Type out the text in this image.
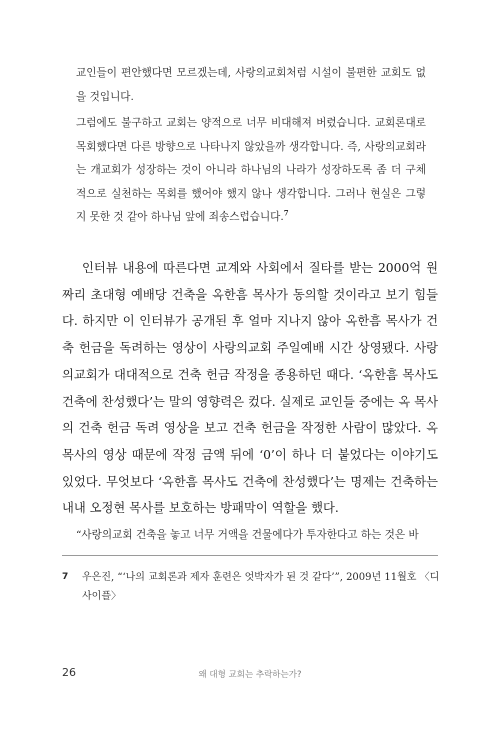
교인들이 편안했다면 모르겠는데, 사랑의교회처럼 시설이 불편한 교회도 없을 것입니다.

그럼에도 불구하고 교회는 양적으로 너무 비대해져 버렸습니다. 교회론대로 목회했다면 다른 방향으로 나타나지 않았을까 생각합니다. 즉, 사랑의교회라는 개교회가 성장하는 것이 아니라 하나님의 나라가 성장하도록 좀 더 구체적으로 실천하는 목회를 했어야 했지 않나 생각합니다. 그러나 현실은 그렇지 못한 것 같아 하나님 앞에 죄송스럽습니다.$^7$

인터뷰 내용에 따른다면 교계와 사회에서 질타를 받는 2000억 원짜리 초대형 예배당 건축을 옥한흠 목사가 동의할 것이라고 보기 힘들다. 하지만 이 인터뷰가 공개된 후 얼마 지나지 않아 옥한흠 목사가 건축 헌금을 독려하는 영상이 사랑의교회 주일예배 시간 상영됐다. 사랑의교회가 대대적으로 건축 헌금 작정을 종용하던 때다. ‘옥한흠 목사도 건축에 찬성했다’는 말의 영향력은 컸다. 실제로 교인들 중에는 옥 목사의 건축 헌금 독려 영상을 보고 건축 헌금을 작정한 사람이 많았다. 옥 목사의 영상 때문에 작정 금액 뒤에 ‘0’이 하나 더 붙었다는 이야기도 있었다. 무엇보다 ‘옥한흠 목사도 건축에 찬성했다’는 명제는 건축하는 내내 오정현 목사를 보호하는 방패막이 역할을 했다.

“사랑의교회 건축을 놓고 너무 거액을 건물에다가 투자한다고 하는 것은 바
7	우은진, “‘나의 교회론과 제자 훈련은 엇박자가 된 것 같다’”, 2009년 11월호 〈디사이플〉
26	왜 대형 교회는 추락하는가?
